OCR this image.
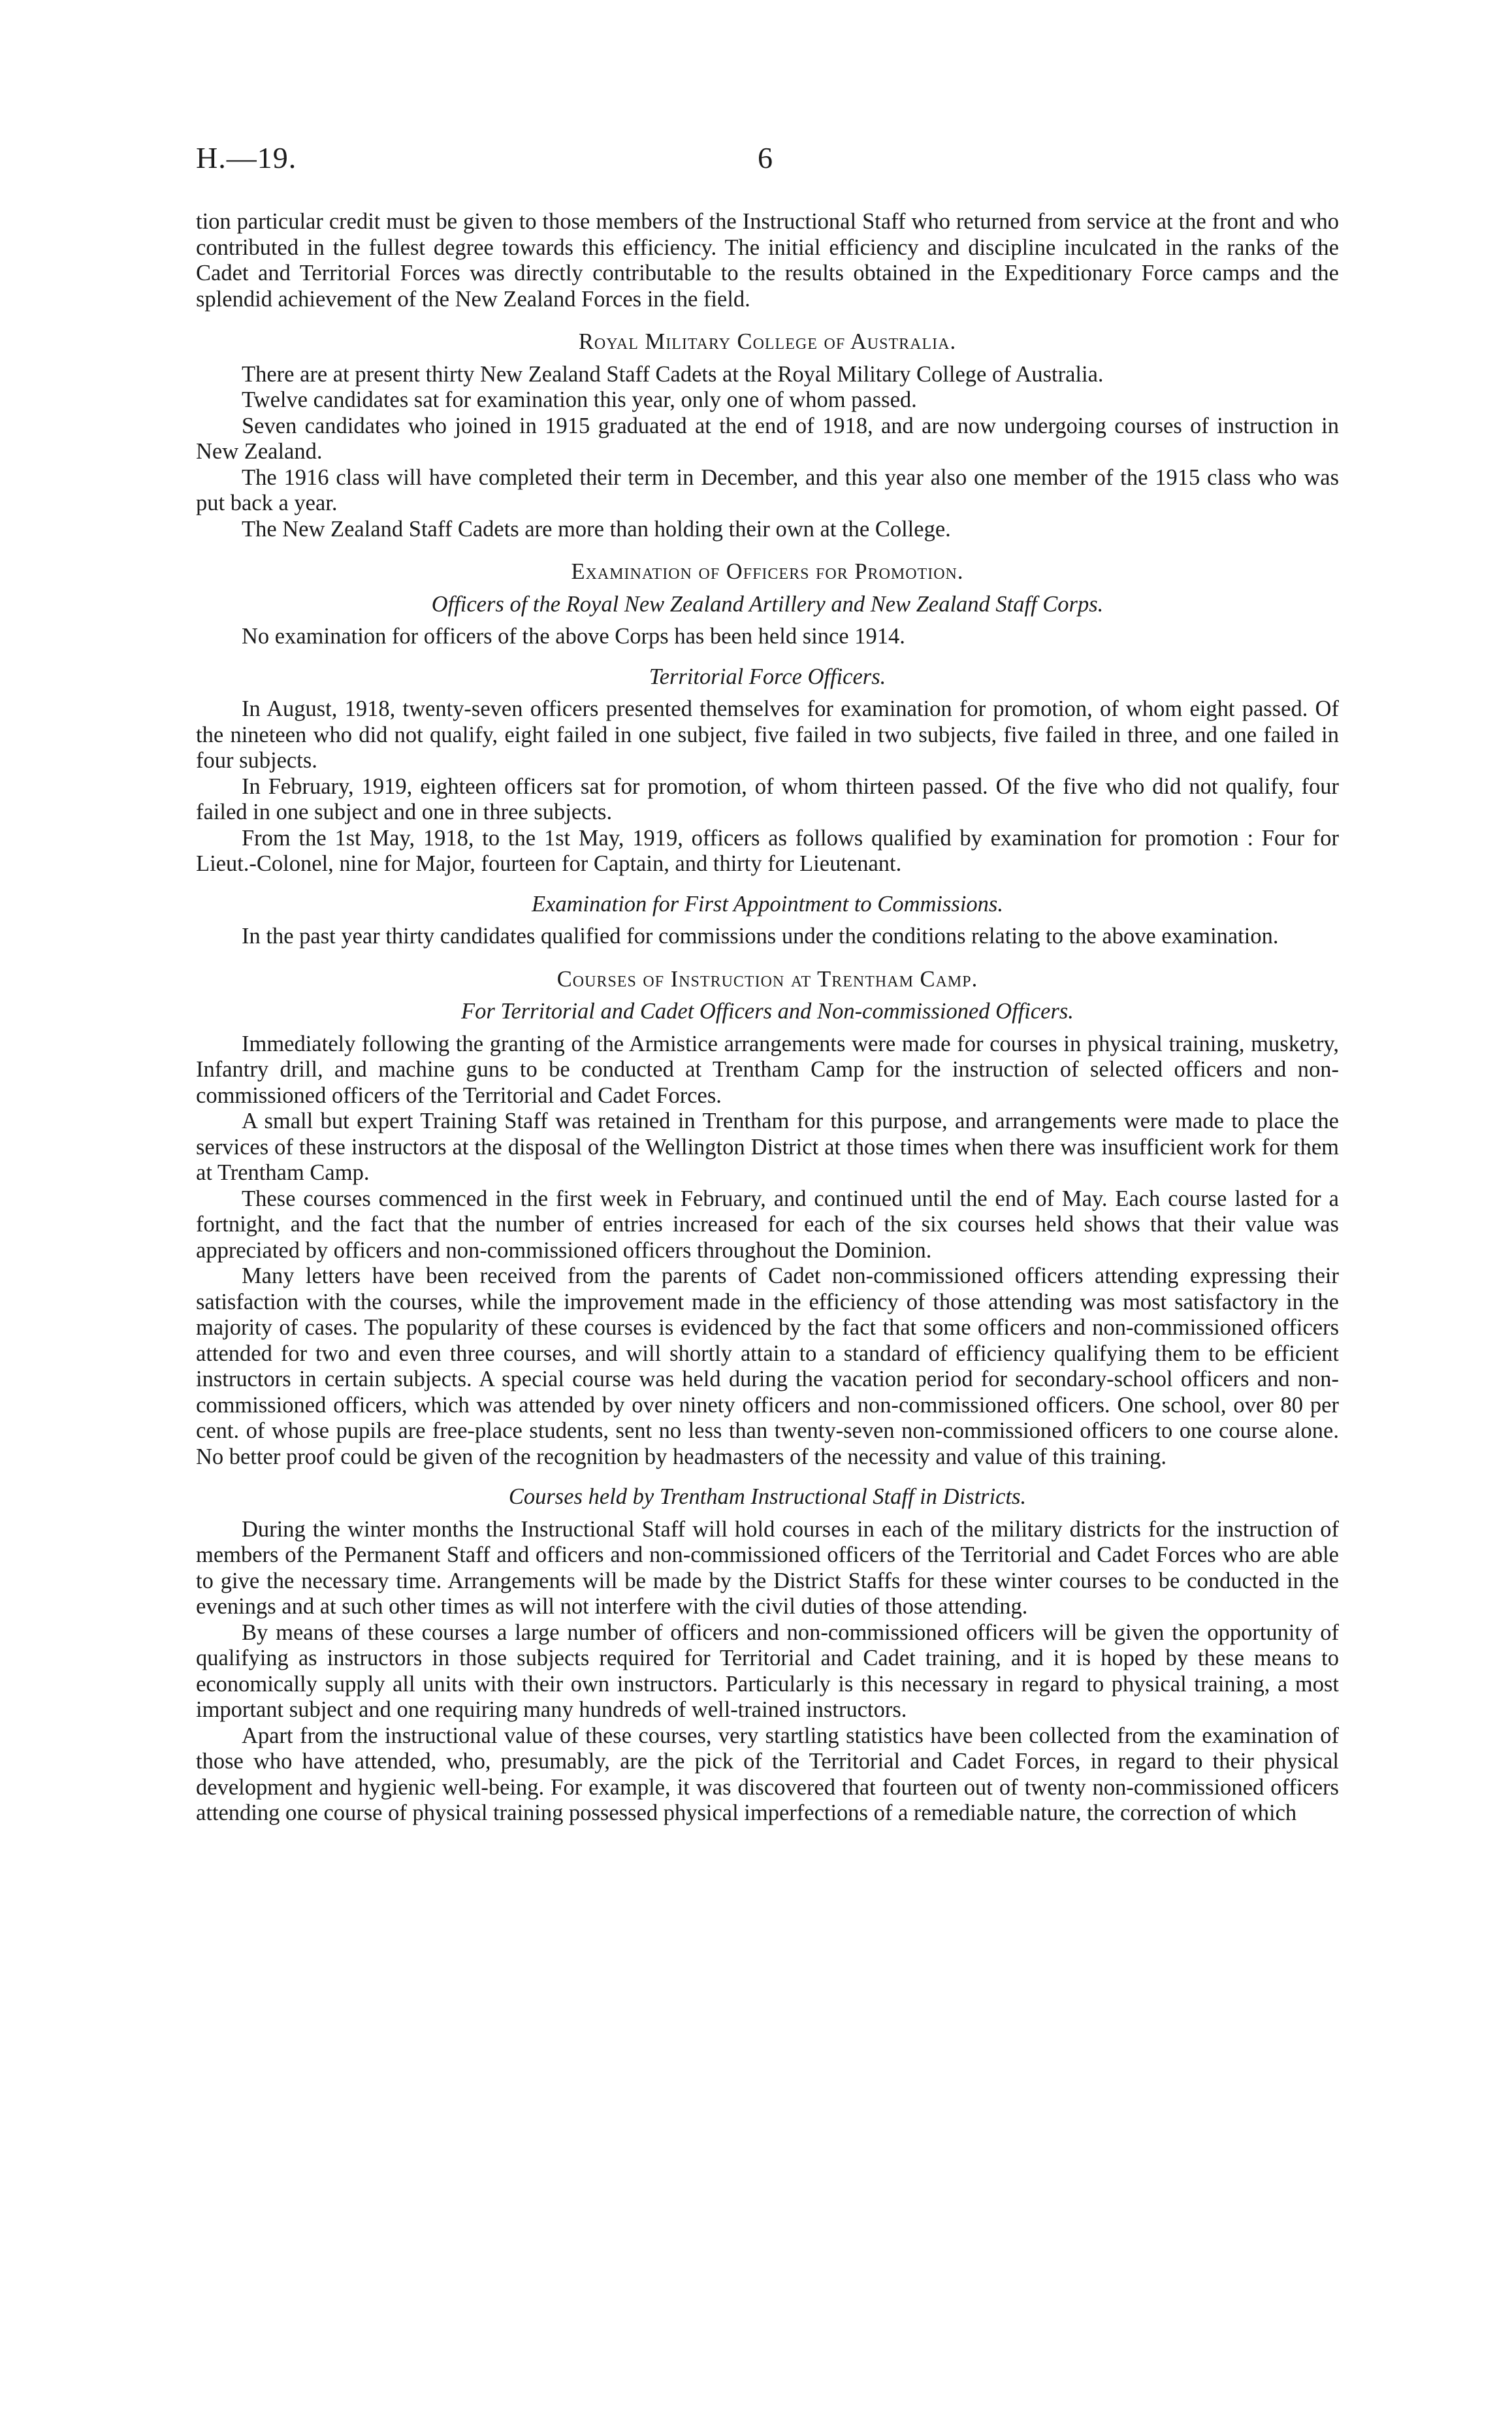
H.—19.	6

tion particular credit must be given to those members of the Instructional Staff who returned from service at the front and who contributed in the fullest degree towards this efficiency. The initial efficiency and discipline inculcated in the ranks of the Cadet and Territorial Forces was directly contributable to the results obtained in the Expeditionary Force camps and the splendid achievement of the New Zealand Forces in the field.

Royal Military College of Australia.

There are at present thirty New Zealand Staff Cadets at the Royal Military College of Australia.

Twelve candidates sat for examination this year, only one of whom passed.

Seven candidates who joined in 1915 graduated at the end of 1918, and are now undergoing courses of instruction in New Zealand.

The 1916 class will have completed their term in December, and this year also one member of the 1915 class who was put back a year.

The New Zealand Staff Cadets are more than holding their own at the College.

Examination of Officers for Promotion.

Officers of the Royal New Zealand Artillery and New Zealand Staff Corps.

No examination for officers of the above Corps has been held since 1914.

Territorial Force Officers.

In August, 1918, twenty-seven officers presented themselves for examination for promotion, of whom eight passed. Of the nineteen who did not qualify, eight failed in one subject, five failed in two subjects, five failed in three, and one failed in four subjects.

In February, 1919, eighteen officers sat for promotion, of whom thirteen passed. Of the five who did not qualify, four failed in one subject and one in three subjects.

From the 1st May, 1918, to the 1st May, 1919, officers as follows qualified by examination for promotion : Four for Lieut.-Colonel, nine for Major, fourteen for Captain, and thirty for Lieutenant.

Examination for First Appointment to Commissions.

In the past year thirty candidates qualified for commissions under the conditions relating to the above examination.

Courses of Instruction at Trentham Camp.

For Territorial and Cadet Officers and Non-commissioned Officers.

Immediately following the granting of the Armistice arrangements were made for courses in physical training, musketry, Infantry drill, and machine guns to be conducted at Trentham Camp for the instruction of selected officers and non-commissioned officers of the Territorial and Cadet Forces.

A small but expert Training Staff was retained in Trentham for this purpose, and arrangements were made to place the services of these instructors at the disposal of the Wellington District at those times when there was insufficient work for them at Trentham Camp.

These courses commenced in the first week in February, and continued until the end of May. Each course lasted for a fortnight, and the fact that the number of entries increased for each of the six courses held shows that their value was appreciated by officers and non-commissioned officers throughout the Dominion.

Many letters have been received from the parents of Cadet non-commissioned officers attending expressing their satisfaction with the courses, while the improvement made in the efficiency of those attending was most satisfactory in the majority of cases. The popularity of these courses is evidenced by the fact that some officers and non-commissioned officers attended for two and even three courses, and will shortly attain to a standard of efficiency qualifying them to be efficient instructors in certain subjects. A special course was held during the vacation period for secondary-school officers and non-commissioned officers, which was attended by over ninety officers and non-commissioned officers. One school, over 80 per cent. of whose pupils are free-place students, sent no less than twenty-seven non-commissioned officers to one course alone. No better proof could be given of the recognition by headmasters of the necessity and value of this training.

Courses held by Trentham Instructional Staff in Districts.

During the winter months the Instructional Staff will hold courses in each of the military districts for the instruction of members of the Permanent Staff and officers and non-commissioned officers of the Territorial and Cadet Forces who are able to give the necessary time. Arrangements will be made by the District Staffs for these winter courses to be conducted in the evenings and at such other times as will not interfere with the civil duties of those attending.

By means of these courses a large number of officers and non-commissioned officers will be given the opportunity of qualifying as instructors in those subjects required for Territorial and Cadet training, and it is hoped by these means to economically supply all units with their own instructors. Particularly is this necessary in regard to physical training, a most important subject and one requiring many hundreds of well-trained instructors.

Apart from the instructional value of these courses, very startling statistics have been collected from the examination of those who have attended, who, presumably, are the pick of the Territorial and Cadet Forces, in regard to their physical development and hygienic well-being. For example, it was discovered that fourteen out of twenty non-commissioned officers attending one course of physical training possessed physical imperfections of a remediable nature, the correction of which
